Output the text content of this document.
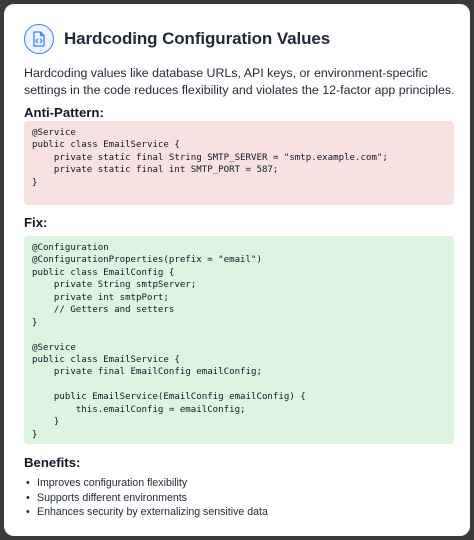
Hardcoding Configuration Values
Hardcoding values like database URLs, API keys, or environment-specific settings in the code reduces flexibility and violates the 12-factor app principles.
Anti-Pattern:
@Service
public class EmailService {
private static final String SMTP_SERVER = "smtp.example.com";
private static final int SMTP_PORT = 587;
}
Fix:
@Configuration
@ConfigurationProperties(prefix = "email")
public class EmailConfig {
private String smtpServer;
private int smtpPort;
// Getters and setters
}
@Service
public class EmailService {
private final EmailConfig emailConfig;
public EmailService(EmailConfig emailConfig) {
this.emailConfig = emailConfig;
}
}
Benefits:
• Improves configuration flexibility
• Supports different environments
• Enhances security by externalizing sensitive data
